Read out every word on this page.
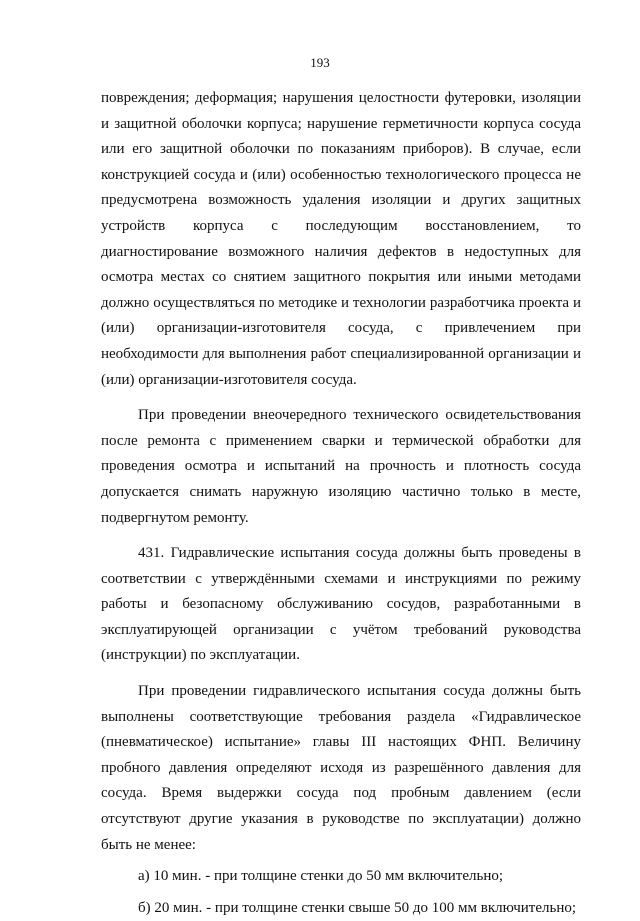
193

повреждения; деформация; нарушения целостности футеровки, изоляции и защитной оболочки корпуса; нарушение герметичности корпуса сосуда или его защитной оболочки по показаниям приборов). В случае, если конструкцией сосуда и (или) особенностью технологического процесса не предусмотрена возможность удаления изоляции и других защитных устройств корпуса с последующим восстановлением, то диагностирование возможного наличия дефектов в недоступных для осмотра местах со снятием защитного покрытия или иными методами должно осуществляться по методике и технологии разработчика проекта и (или) организации-изготовителя сосуда, с привлечением при необходимости для выполнения работ специализированной организации и (или) организации-изготовителя сосуда.

При проведении внеочередного технического освидетельствования после ремонта с применением сварки и термической обработки для проведения осмотра и испытаний на прочность и плотность сосуда допускается снимать наружную изоляцию частично только в месте, подвергнутом ремонту.

431. Гидравлические испытания сосуда должны быть проведены в соответствии с утверждёнными схемами и инструкциями по режиму работы и безопасному обслуживанию сосудов, разработанными в эксплуатирующей организации с учётом требований руководства (инструкции) по эксплуатации.

При проведении гидравлического испытания сосуда должны быть выполнены соответствующие требования раздела «Гидравлическое (пневматическое) испытание» главы III настоящих ФНП. Величину пробного давления определяют исходя из разрешённого давления для сосуда. Время выдержки сосуда под пробным давлением (если отсутствуют другие указания в руководстве по эксплуатации) должно быть не менее:

а) 10 мин. - при толщине стенки до 50 мм включительно;

б) 20 мин. - при толщине стенки свыше 50 до 100 мм включительно;
